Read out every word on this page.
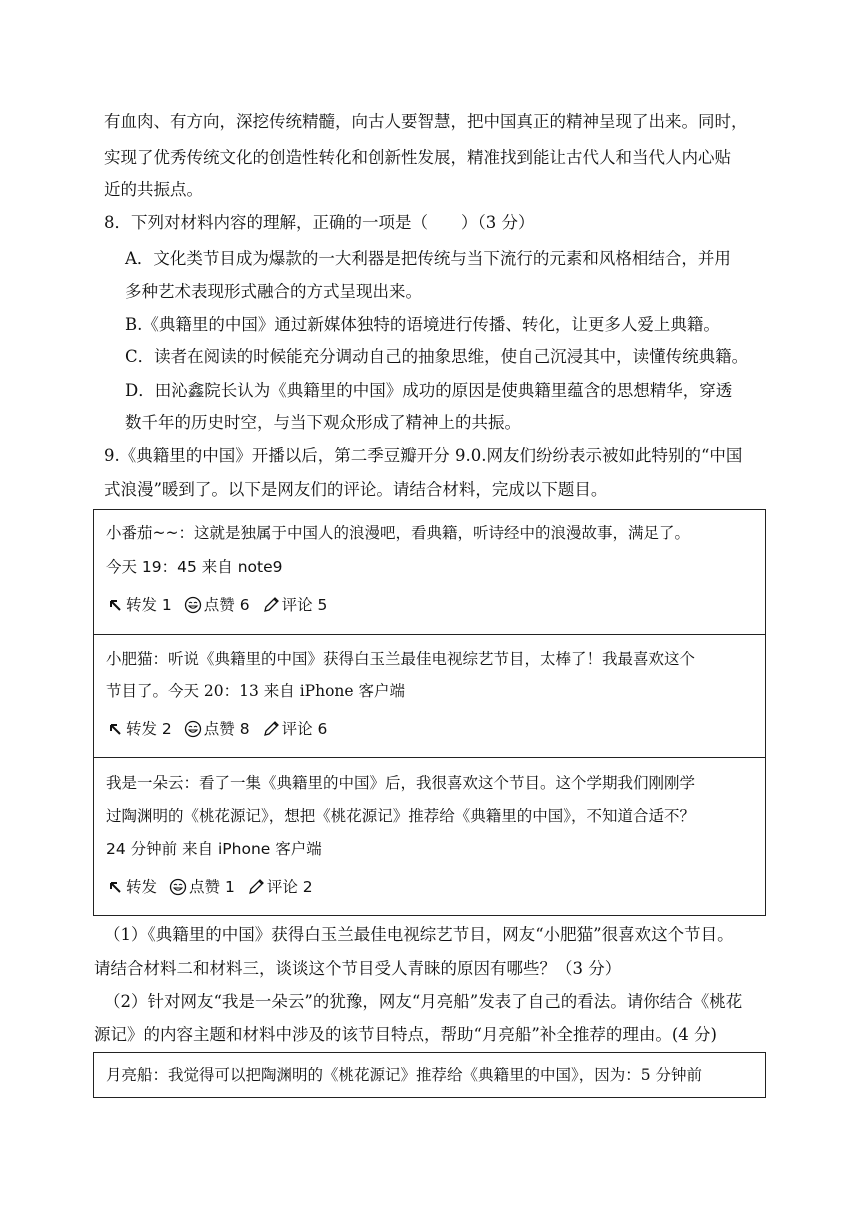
有血肉、有方向，深挖传统精髓，向古人要智慧，把中国真正的精神呈现了出来。同时，
实现了优秀传统文化的创造性转化和创新性发展，精准找到能让古代人和当代人内心贴
近的共振点。
8．下列对材料内容的理解，正确的一项是（　　）（3 分）
A．文化类节目成为爆款的一大利器是把传统与当下流行的元素和风格相结合，并用
多种艺术表现形式融合的方式呈现出来。
B.《典籍里的中国》通过新媒体独特的语境进行传播、转化，让更多人爱上典籍。
C．读者在阅读的时候能充分调动自己的抽象思维，使自己沉浸其中，读懂传统典籍。
D．田沁鑫院长认为《典籍里的中国》成功的原因是使典籍里蕴含的思想精华，穿透
数千年的历史时空，与当下观众形成了精神上的共振。
9.《典籍里的中国》开播以后，第二季豆瓣开分 9.0.网友们纷纷表示被如此特别的“中国
式浪漫”暖到了。以下是网友们的评论。请结合材料，完成以下题目。
小番茄~~：这就是独属于中国人的浪漫吧，看典籍，听诗经中的浪漫故事，满足了。
今天 19：45 来自 note9
转发 1 点赞 6 评论 5
小肥猫：听说《典籍里的中国》获得白玉兰最佳电视综艺节目，太棒了！我最喜欢这个
节目了。今天 20：13 来自 iPhone 客户端
转发 2 点赞 8 评论 6
我是一朵云：看了一集《典籍里的中国》后，我很喜欢这个节目。这个学期我们刚刚学
过陶渊明的《桃花源记》，想把《桃花源记》推荐给《典籍里的中国》，不知道合适不？
24 分钟前 来自 iPhone 客户端
转发 点赞 1 评论 2
（1）《典籍里的中国》获得白玉兰最佳电视综艺节目，网友“小肥猫”很喜欢这个节目。
请结合材料二和材料三，谈谈这个节目受人青睐的原因有哪些？（3 分）
（2）针对网友“我是一朵云”的犹豫，网友“月亮船”发表了自己的看法。请你结合《桃花
源记》的内容主题和材料中涉及的该节目特点，帮助“月亮船”补全推荐的理由。(4 分)
月亮船：我觉得可以把陶渊明的《桃花源记》推荐给《典籍里的中国》，因为：5 分钟前
